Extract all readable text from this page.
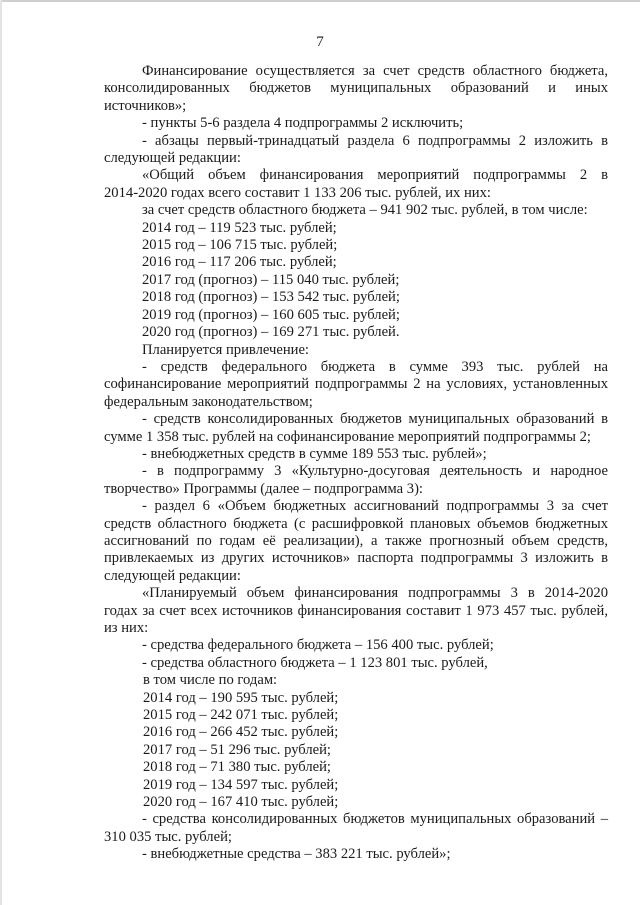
7

Финансирование осуществляется за счет средств областного бюджета,

консолидированных бюджетов муниципальных образований и иных

источников»;

- пункты 5-6 раздела 4 подпрограммы 2 исключить;

- абзацы первый-тринадцатый раздела 6 подпрограммы 2 изложить в

следующей редакции:

«Общий объем финансирования мероприятий подпрограммы 2 в

2014-2020 годах всего составит 1 133 206 тыс. рублей, их них:

за счет средств областного бюджета – 941 902 тыс. рублей, в том числе:

2014 год – 119 523 тыс. рублей;

2015 год – 106 715 тыс. рублей;

2016 год – 117 206 тыс. рублей;

2017 год (прогноз) – 115 040 тыс. рублей;

2018 год (прогноз) – 153 542 тыс. рублей;

2019 год (прогноз) – 160 605 тыс. рублей;

2020 год (прогноз) – 169 271 тыс. рублей.

Планируется привлечение:

- средств федерального бюджета в сумме 393 тыс. рублей на

софинансирование мероприятий подпрограммы 2 на условиях, установленных

федеральным законодательством;

- средств консолидированных бюджетов муниципальных образований в

сумме 1 358 тыс. рублей на софинансирование мероприятий подпрограммы 2;

- внебюджетных средств в сумме 189 553 тыс. рублей»;

- в подпрограмму 3 «Культурно-досуговая деятельность и народное

творчество» Программы (далее – подпрограмма 3):

- раздел 6 «Объем бюджетных ассигнований подпрограммы 3 за счет

средств областного бюджета (с расшифровкой плановых объемов бюджетных

ассигнований по годам её реализации), а также прогнозный объем средств,

привлекаемых из других источников» паспорта подпрограммы 3 изложить в

следующей редакции:

«Планируемый объем финансирования подпрограммы 3 в 2014-2020

годах за счет всех источников финансирования составит 1 973 457 тыс. рублей,

из них:

- средства федерального бюджета – 156 400 тыс. рублей;

- средства областного бюджета – 1 123 801 тыс. рублей,

в том числе по годам:

2014 год – 190 595 тыс. рублей;

2015 год – 242 071 тыс. рублей;

2016 год – 266 452 тыс. рублей;

2017 год – 51 296 тыс. рублей;

2018 год – 71 380 тыс. рублей;

2019 год – 134 597 тыс. рублей;

2020 год – 167 410 тыс. рублей;

- средства консолидированных бюджетов муниципальных образований –

310 035 тыс. рублей;

- внебюджетные средства – 383 221 тыс. рублей»;
